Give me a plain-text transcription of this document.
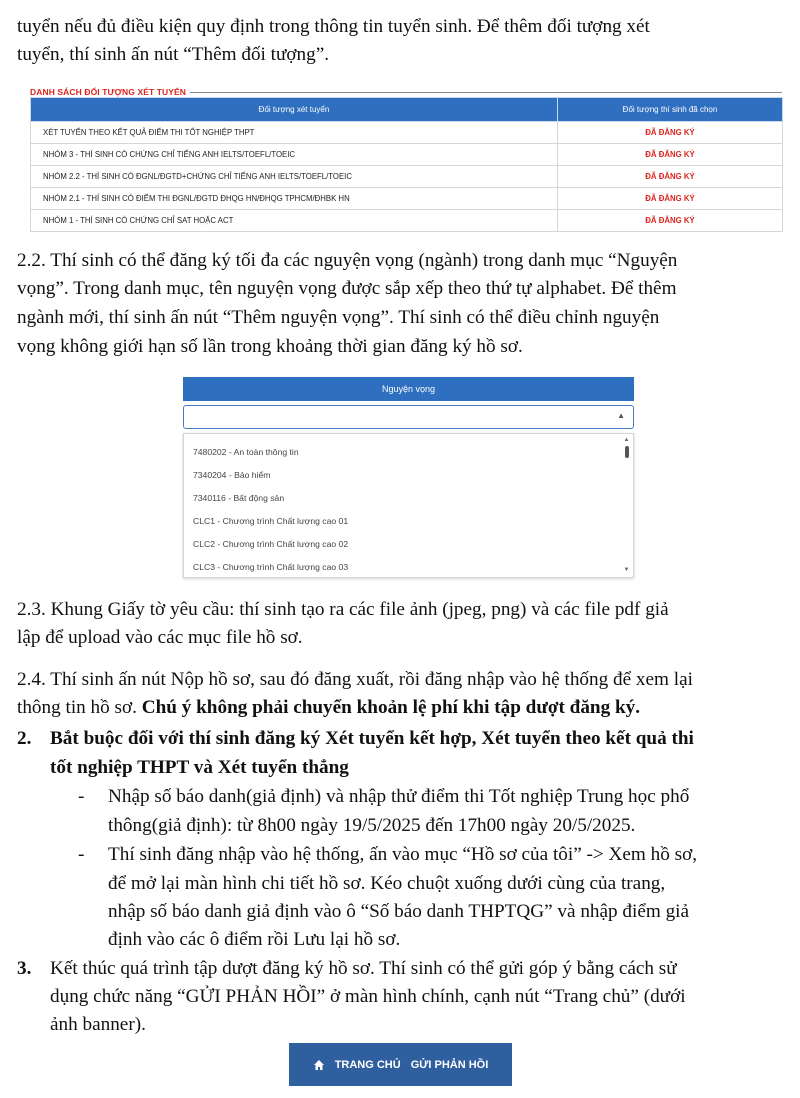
tuyển nếu đủ điều kiện quy định trong thông tin tuyển sinh. Để thêm đối tượng xét

tuyển, thí sinh ấn nút “Thêm đối tượng”.

DANH SÁCH ĐỐI TƯỢNG XÉT TUYỂN
Đối tượng xét tuyển	Đối tượng thí sinh đã chọn
XÉT TUYỂN THEO KẾT QUẢ ĐIỂM THI TỐT NGHIỆP THPT	ĐÃ ĐĂNG KÝ
NHÓM 3 - THÍ SINH CÓ CHỨNG CHỈ TIẾNG ANH IELTS/TOEFL/TOEIC	ĐÃ ĐĂNG KÝ
NHÓM 2.2 - THÍ SINH CÓ ĐGNL/ĐGTD+CHỨNG CHỈ TIẾNG ANH IELTS/TOEFL/TOEIC	ĐÃ ĐĂNG KÝ
NHÓM 2.1 - THÍ SINH CÓ ĐIỂM THI ĐGNL/ĐGTD ĐHQG HN/ĐHQG TPHCM/ĐHBK HN	ĐÃ ĐĂNG KÝ
NHÓM 1 - THÍ SINH CÓ CHỨNG CHỈ SAT HOẶC ACT	ĐÃ ĐĂNG KÝ

2.2. Thí sinh có thể đăng ký tối đa các nguyện vọng (ngành) trong danh mục “Nguyện

vọng”. Trong danh mục, tên nguyện vọng được sắp xếp theo thứ tự alphabet. Để thêm

ngành mới, thí sinh ấn nút “Thêm nguyện vọng”. Thí sinh có thể điều chỉnh nguyện

vọng không giới hạn số lần trong khoảng thời gian đăng ký hồ sơ.

Nguyện vọng
▲
7480202 - An toàn thông tin
7340204 - Bảo hiểm
7340116 - Bất động sản
CLC1 - Chương trình Chất lượng cao 01
CLC2 - Chương trình Chất lượng cao 02
CLC3 - Chương trình Chất lượng cao 03
▲
▼

2.3. Khung Giấy tờ yêu cầu: thí sinh tạo ra các file ảnh (jpeg, png) và các file pdf giả

lập để upload vào các mục file hồ sơ.

2.4. Thí sinh ấn nút Nộp hồ sơ, sau đó đăng xuất, rồi đăng nhập vào hệ thống để xem lại

thông tin hồ sơ. Chú ý không phải chuyển khoản lệ phí khi tập dượt đăng ký.

2. Bắt buộc đối với thí sinh đăng ký Xét tuyển kết hợp, Xét tuyển theo kết quả thi

tốt nghiệp THPT và Xét tuyển thẳng

- Nhập số báo danh(giả định) và nhập thử điểm thi Tốt nghiệp Trung học phổ

thông(giả định): từ 8h00 ngày 19/5/2025 đến 17h00 ngày 20/5/2025.

- Thí sinh đăng nhập vào hệ thống, ấn vào mục “Hồ sơ của tôi” -> Xem hồ sơ,

để mở lại màn hình chi tiết hồ sơ. Kéo chuột xuống dưới cùng của trang,

nhập số báo danh giả định vào ô “Số báo danh THPTQG” và nhập điểm giả

định vào các ô điểm rồi Lưu lại hồ sơ.

3. Kết thúc quá trình tập dượt đăng ký hồ sơ. Thí sinh có thể gửi góp ý bằng cách sử

dụng chức năng “GỬI PHẢN HỒI” ở màn hình chính, cạnh nút “Trang chủ” (dưới

ảnh banner).

TRANG CHỦ GỬI PHẢN HỒI
